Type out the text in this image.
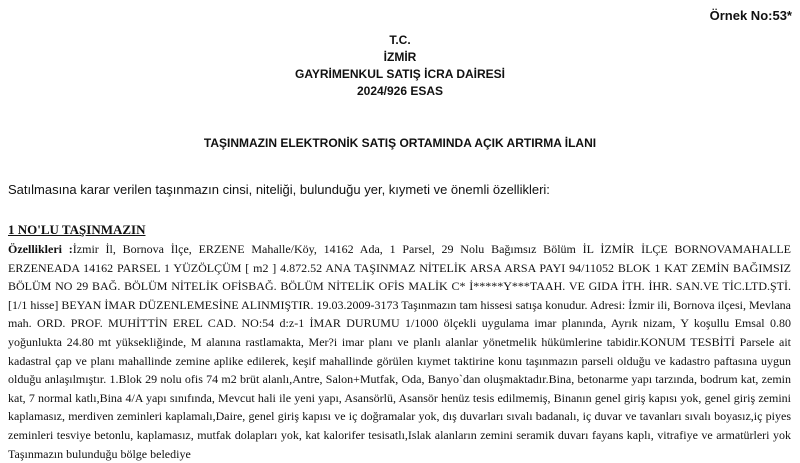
Örnek No:53*
T.C.
İZMİR
GAYRİMENKUL SATIŞ İCRA DAİRESİ
2024/926 ESAS
TAŞINMAZIN ELEKTRONİK SATIŞ ORTAMINDA AÇIK ARTIRMA İLANI
Satılmasına karar verilen taşınmazın cinsi, niteliği, bulunduğu yer, kıymeti ve önemli özellikleri:
1 NO'LU TAŞINMAZIN
Özellikleri :İzmir İl, Bornova İlçe, ERZENE Mahalle/Köy, 14162 Ada, 1 Parsel, 29 Nolu Bağımsız Bölüm İL İZMİR İLÇE BORNOVAMAHALLE ERZENEADA 14162 PARSEL 1 YÜZÖLÇÜM [ m2 ] 4.872.52 ANA TAŞINMAZ NİTELİK ARSA ARSA PAYI 94/11052 BLOK 1 KAT ZEMİN BAĞIMSIZ BÖLÜM NO 29 BAĞ. BÖLÜM NİTELİK OFİSBAĞ. BÖLÜM NİTELİK OFİS MALİK C* İ*****Y***TAAH. VE GIDA İTH. İHR. SAN.VE TİC.LTD.ŞTİ. [1/1 hisse] BEYAN İMAR DÜZENLEMESİNE ALINMIŞTIR. 19.03.2009-3173 Taşınmazın tam hissesi satışa konudur. Adresi: İzmir ili, Bornova ilçesi, Mevlana mah. ORD. PROF. MUHİTTİN EREL CAD. NO:54 d:z-1 İMAR DURUMU 1/1000 ölçekli uygulama imar planında, Ayrık nizam, Y koşullu Emsal 0.80 yoğunlukta 24.80 mt yüksekliğinde, M alanına rastlamakta, Mer?i imar planı ve planlı alanlar yönetmelik hükümlerine tabidir.KONUM TESBİTİ Parsele ait kadastral çap ve planı mahallinde zemine aplike edilerek, keşif mahallinde görülen kıymet taktirine konu taşınmazın parseli olduğu ve kadastro paftasına uygun olduğu anlaşılmıştır. 1.Blok 29 nolu ofis 74 m2 brüt alanlı,Antre, Salon+Mutfak, Oda, Banyo`dan oluşmaktadır.Bina, betonarme yapı tarzında, bodrum kat, zemin kat, 7 normal katlı,Bina 4/A yapı sınıfında, Mevcut hali ile yeni yapı, Asansörlü, Asansör henüz tesis edilmemiş, Binanın genel giriş kapısı yok, genel giriş zemini kaplamasız, merdiven zeminleri kaplamalı,Daire, genel giriş kapısı ve iç doğramalar yok, dış duvarları sıvalı badanalı, iç duvar ve tavanları sıvalı boyasız,iç piyes zeminleri tesviye betonlu, kaplamasız, mutfak dolapları yok, kat kalorifer tesisatlı,Islak alanların zemini seramik duvarı fayans kaplı, vitrafiye ve armatürleri yok Taşınmazın bulunduğu bölge belediye
